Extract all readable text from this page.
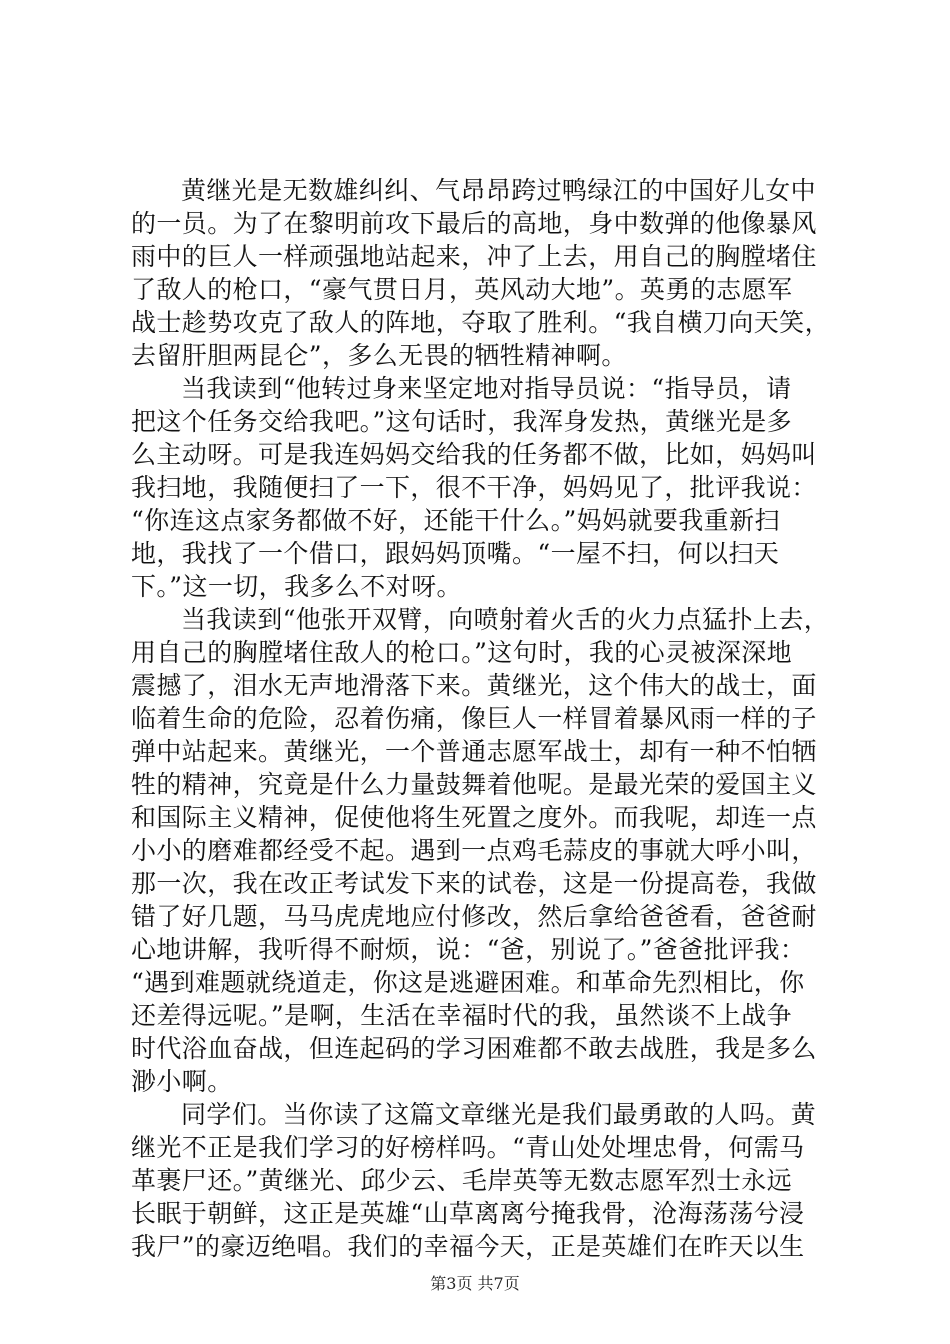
黄继光是无数雄纠纠、气昂昂跨过鸭绿江的中国好儿女中
的一员。为了在黎明前攻下最后的高地，身中数弹的他像暴风
雨中的巨人一样顽强地站起来，冲了上去，用自己的胸膛堵住
了敌人的枪口，“豪气贯日月，英风动大地”。英勇的志愿军
战士趁势攻克了敌人的阵地，夺取了胜利。“我自横刀向天笑，
去留肝胆两昆仑”，多么无畏的牺牲精神啊。
当我读到“他转过身来坚定地对指导员说：“指导员，请
把这个任务交给我吧。”这句话时，我浑身发热，黄继光是多
么主动呀。可是我连妈妈交给我的任务都不做，比如，妈妈叫
我扫地，我随便扫了一下，很不干净，妈妈见了，批评我说：
“你连这点家务都做不好，还能干什么。”妈妈就要我重新扫
地，我找了一个借口，跟妈妈顶嘴。“一屋不扫，何以扫天
下。”这一切，我多么不对呀。
当我读到“他张开双臂，向喷射着火舌的火力点猛扑上去，
用自己的胸膛堵住敌人的枪口。”这句时，我的心灵被深深地
震撼了，泪水无声地滑落下来。黄继光，这个伟大的战士，面
临着生命的危险，忍着伤痛，像巨人一样冒着暴风雨一样的子
弹中站起来。黄继光，一个普通志愿军战士，却有一种不怕牺
牲的精神，究竟是什么力量鼓舞着他呢。是最光荣的爱国主义
和国际主义精神，促使他将生死置之度外。而我呢，却连一点
小小的磨难都经受不起。遇到一点鸡毛蒜皮的事就大呼小叫，
那一次，我在改正考试发下来的试卷，这是一份提高卷，我做
错了好几题，马马虎虎地应付修改，然后拿给爸爸看，爸爸耐
心地讲解，我听得不耐烦，说：“爸，别说了。”爸爸批评我：
“遇到难题就绕道走，你这是逃避困难。和革命先烈相比，你
还差得远呢。”是啊，生活在幸福时代的我，虽然谈不上战争
时代浴血奋战，但连起码的学习困难都不敢去战胜，我是多么
渺小啊。
同学们。当你读了这篇文章继光是我们最勇敢的人吗。黄
继光不正是我们学习的好榜样吗。“青山处处埋忠骨，何需马
革裹尸还。”黄继光、邱少云、毛岸英等无数志愿军烈士永远
长眠于朝鲜，这正是英雄“山草离离兮掩我骨，沧海荡荡兮浸
我尸”的豪迈绝唱。我们的幸福今天，正是英雄们在昨天以生
第3页 共7页
